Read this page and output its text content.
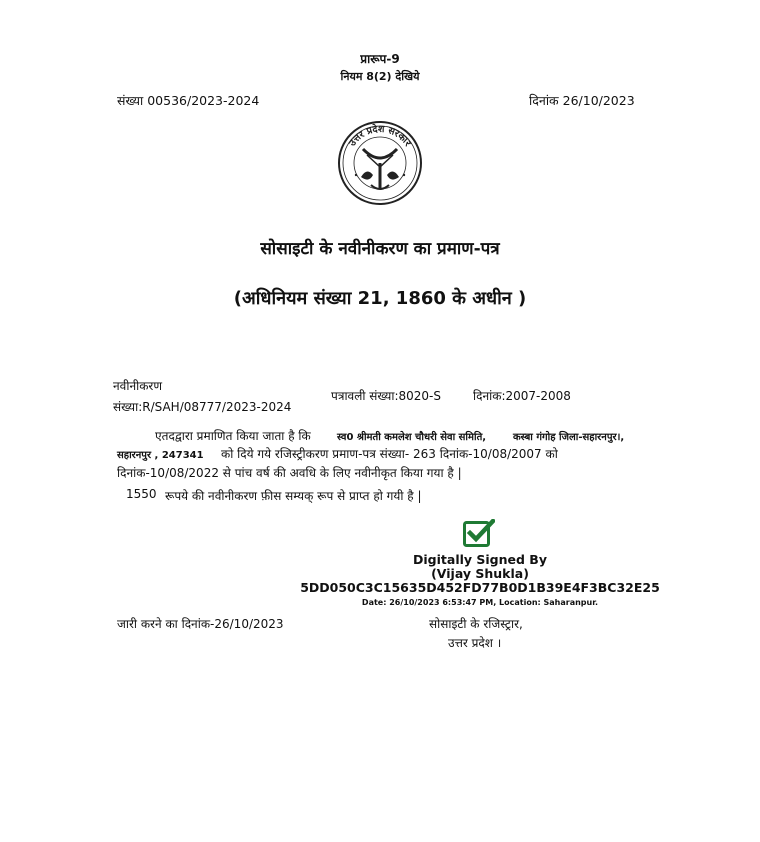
प्रारूप-9
नियम 8(2) देखिये
संख्या 00536/2023-2024	दिनांक 26/10/2023
उत्तर प्रदेश सरकार
सोसाइटी के नवीनीकरण का प्रमाण-पत्र
(अधिनियम संख्या 21, 1860 के अधीन )
नवीनीकरण
संख्या:R/SAH/08777/2023-2024
पत्रावली संख्या:8020-S	दिनांक:2007-2008
एतदद्वारा प्रमाणित किया जाता है कि	स्व0 श्रीमती कमलेश चौधरी सेवा समिति,	कस्बा गंगोह जिला-सहारनपुर।,
सहारनपुर , 247341 को दिये गये रजिस्ट्रीकरण प्रमाण-पत्र संख्या- 263 दिनांक-10/08/2007 को
दिनांक-10/08/2022 से पांच वर्ष की अवधि के लिए नवीनीकृत किया गया है |
1550 रूपये की नवीनीकरण फ़ीस सम्यक् रूप से प्राप्त हो गयी है |
Digitally Signed By
(Vijay Shukla)
5DD050C3C15635D452FD77B0D1B39E4F3BC32E25
Date: 26/10/2023 6:53:47 PM, Location: Saharanpur.
जारी करने का दिनांक-26/10/2023	सोसाइटी के रजिस्ट्रार,
उत्तर प्रदेश ।
